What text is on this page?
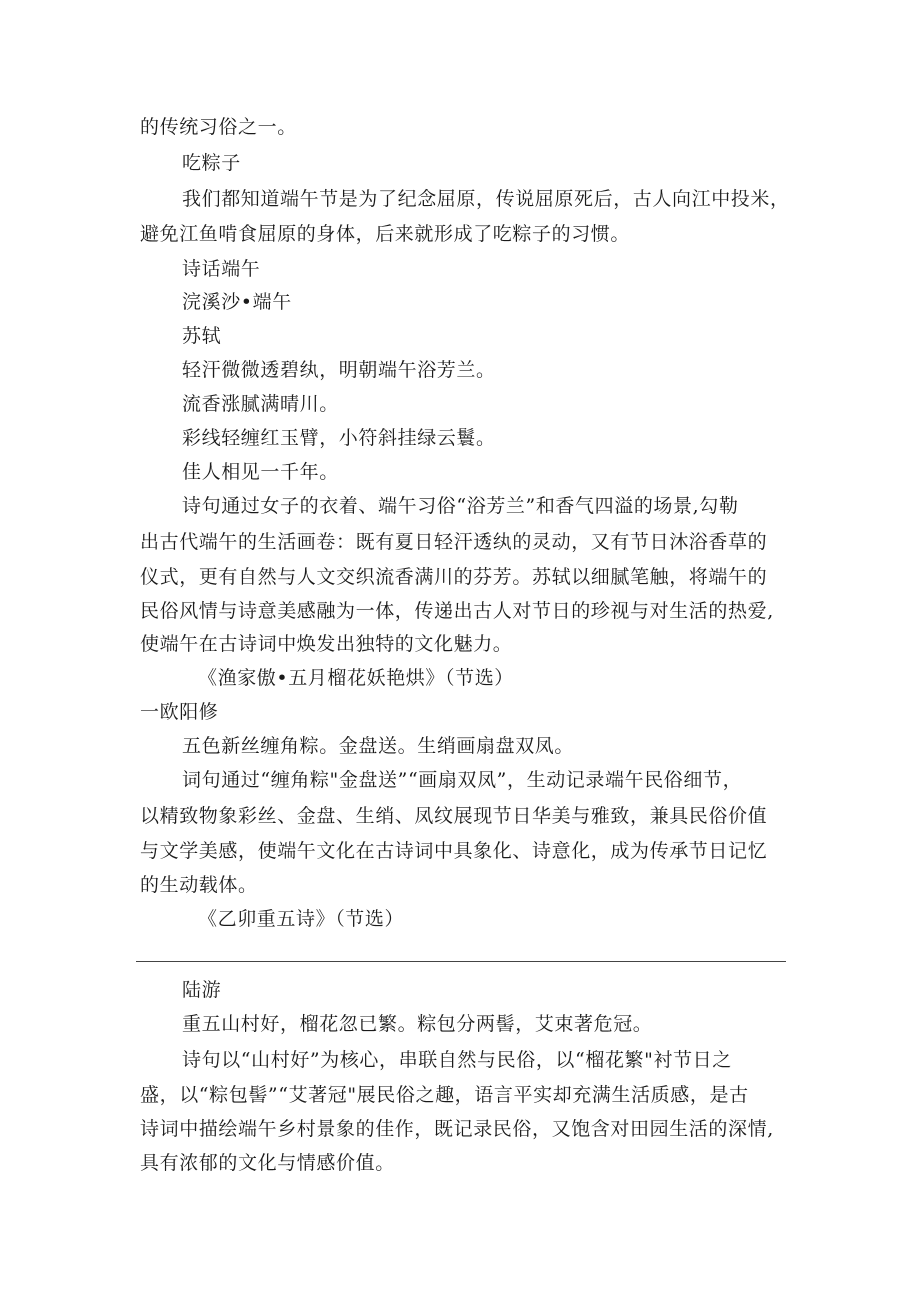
的传统习俗之一。
吃粽子
我们都知道端午节是为了纪念屈原，传说屈原死后，古人向江中投米，
避免江鱼啃食屈原的身体，后来就形成了吃粽子的习惯。
诗话端午
浣溪沙•端午
苏轼
轻汗微微透碧纨，明朝端午浴芳兰。
流香涨腻满晴川。
彩线轻缠红玉臂，小符斜挂绿云鬟。
佳人相见一千年。
诗句通过女子的衣着、端午习俗“浴芳兰”和香气四溢的场景,勾勒
出古代端午的生活画卷：既有夏日轻汗透纨的灵动，又有节日沐浴香草的
仪式，更有自然与人文交织流香满川的芬芳。苏轼以细腻笔触，将端午的
民俗风情与诗意美感融为一体，传递出古人对节日的珍视与对生活的热爱,
使端午在古诗词中焕发出独特的文化魅力。
《渔家傲•五月榴花妖艳烘》（节选）
一欧阳修
五色新丝缠角粽。金盘送。生绡画扇盘双凤。
词句通过“缠角粽"金盘送”“画扇双凤”，生动记录端午民俗细节，
以精致物象彩丝、金盘、生绡、凤纹展现节日华美与雅致，兼具民俗价值
与文学美感，使端午文化在古诗词中具象化、诗意化，成为传承节日记忆
的生动载体。
《乙卯重五诗》（节选）
陆游
重五山村好，榴花忽已繁。粽包分两髻，艾束著危冠。
诗句以“山村好”为核心，串联自然与民俗，以“榴花繁"衬节日之
盛，以“粽包髻”“艾著冠"展民俗之趣，语言平实却充满生活质感，是古
诗词中描绘端午乡村景象的佳作，既记录民俗，又饱含对田园生活的深情,
具有浓郁的文化与情感价值。
